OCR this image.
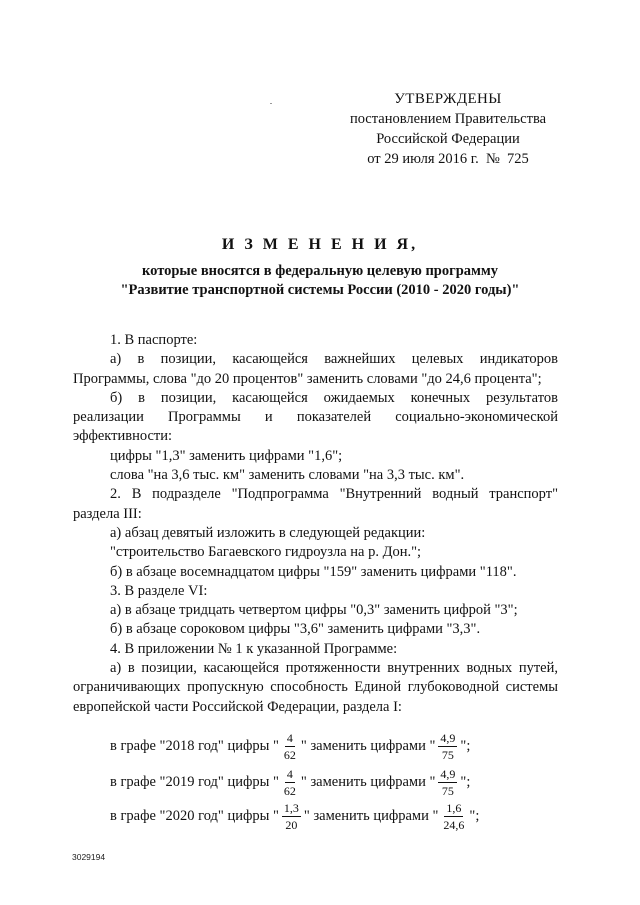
УТВЕРЖДЕНЫ
постановлением Правительства
Российской Федерации
от 29 июля 2016 г.  №  725
И З М Е Н Е Н И Я,
которые вносятся в федеральную целевую программу
"Развитие транспортной системы России (2010 - 2020 годы)"

1. В паспорте:

а) в позиции, касающейся важнейших целевых индикаторов Программы, слова "до 20 процентов" заменить словами "до 24,6 процента";

б) в позиции, касающейся ожидаемых конечных результатов реализации Программы и показателей социально-экономической эффективности:

цифры "1,3" заменить цифрами "1,6";

слова "на 3,6 тыс. км" заменить словами "на 3,3 тыс. км".

2. В подразделе "Подпрограмма "Внутренний водный транспорт" раздела III:

а) абзац девятый изложить в следующей редакции:

"строительство Багаевского гидроузла на р. Дон.";

б) в абзаце восемнадцатом цифры "159" заменить цифрами "118".

3. В разделе VI:

а) в абзаце тридцать четвертом цифры "0,3" заменить цифрой "3";

б) в абзаце сороковом цифры "3,6" заменить цифрами "3,3".

4. В приложении № 1 к указанной Программе:

а) в позиции, касающейся протяженности внутренних водных путей, ограничивающих пропускную способность Единой глубоководной системы европейской части Российской Федерации, раздела I:

в графе "2018 год" цифры " $\frac{4}{62}$ " заменить цифрами " $\frac{4,9}{75}$ ";
в графе "2019 год" цифры " $\frac{4}{62}$ " заменить цифрами " $\frac{4,9}{75}$ ";
в графе "2020 год" цифры " $\frac{1,3}{20}$ " заменить цифрами " $\frac{1,6}{24,6}$ ";
3029194
